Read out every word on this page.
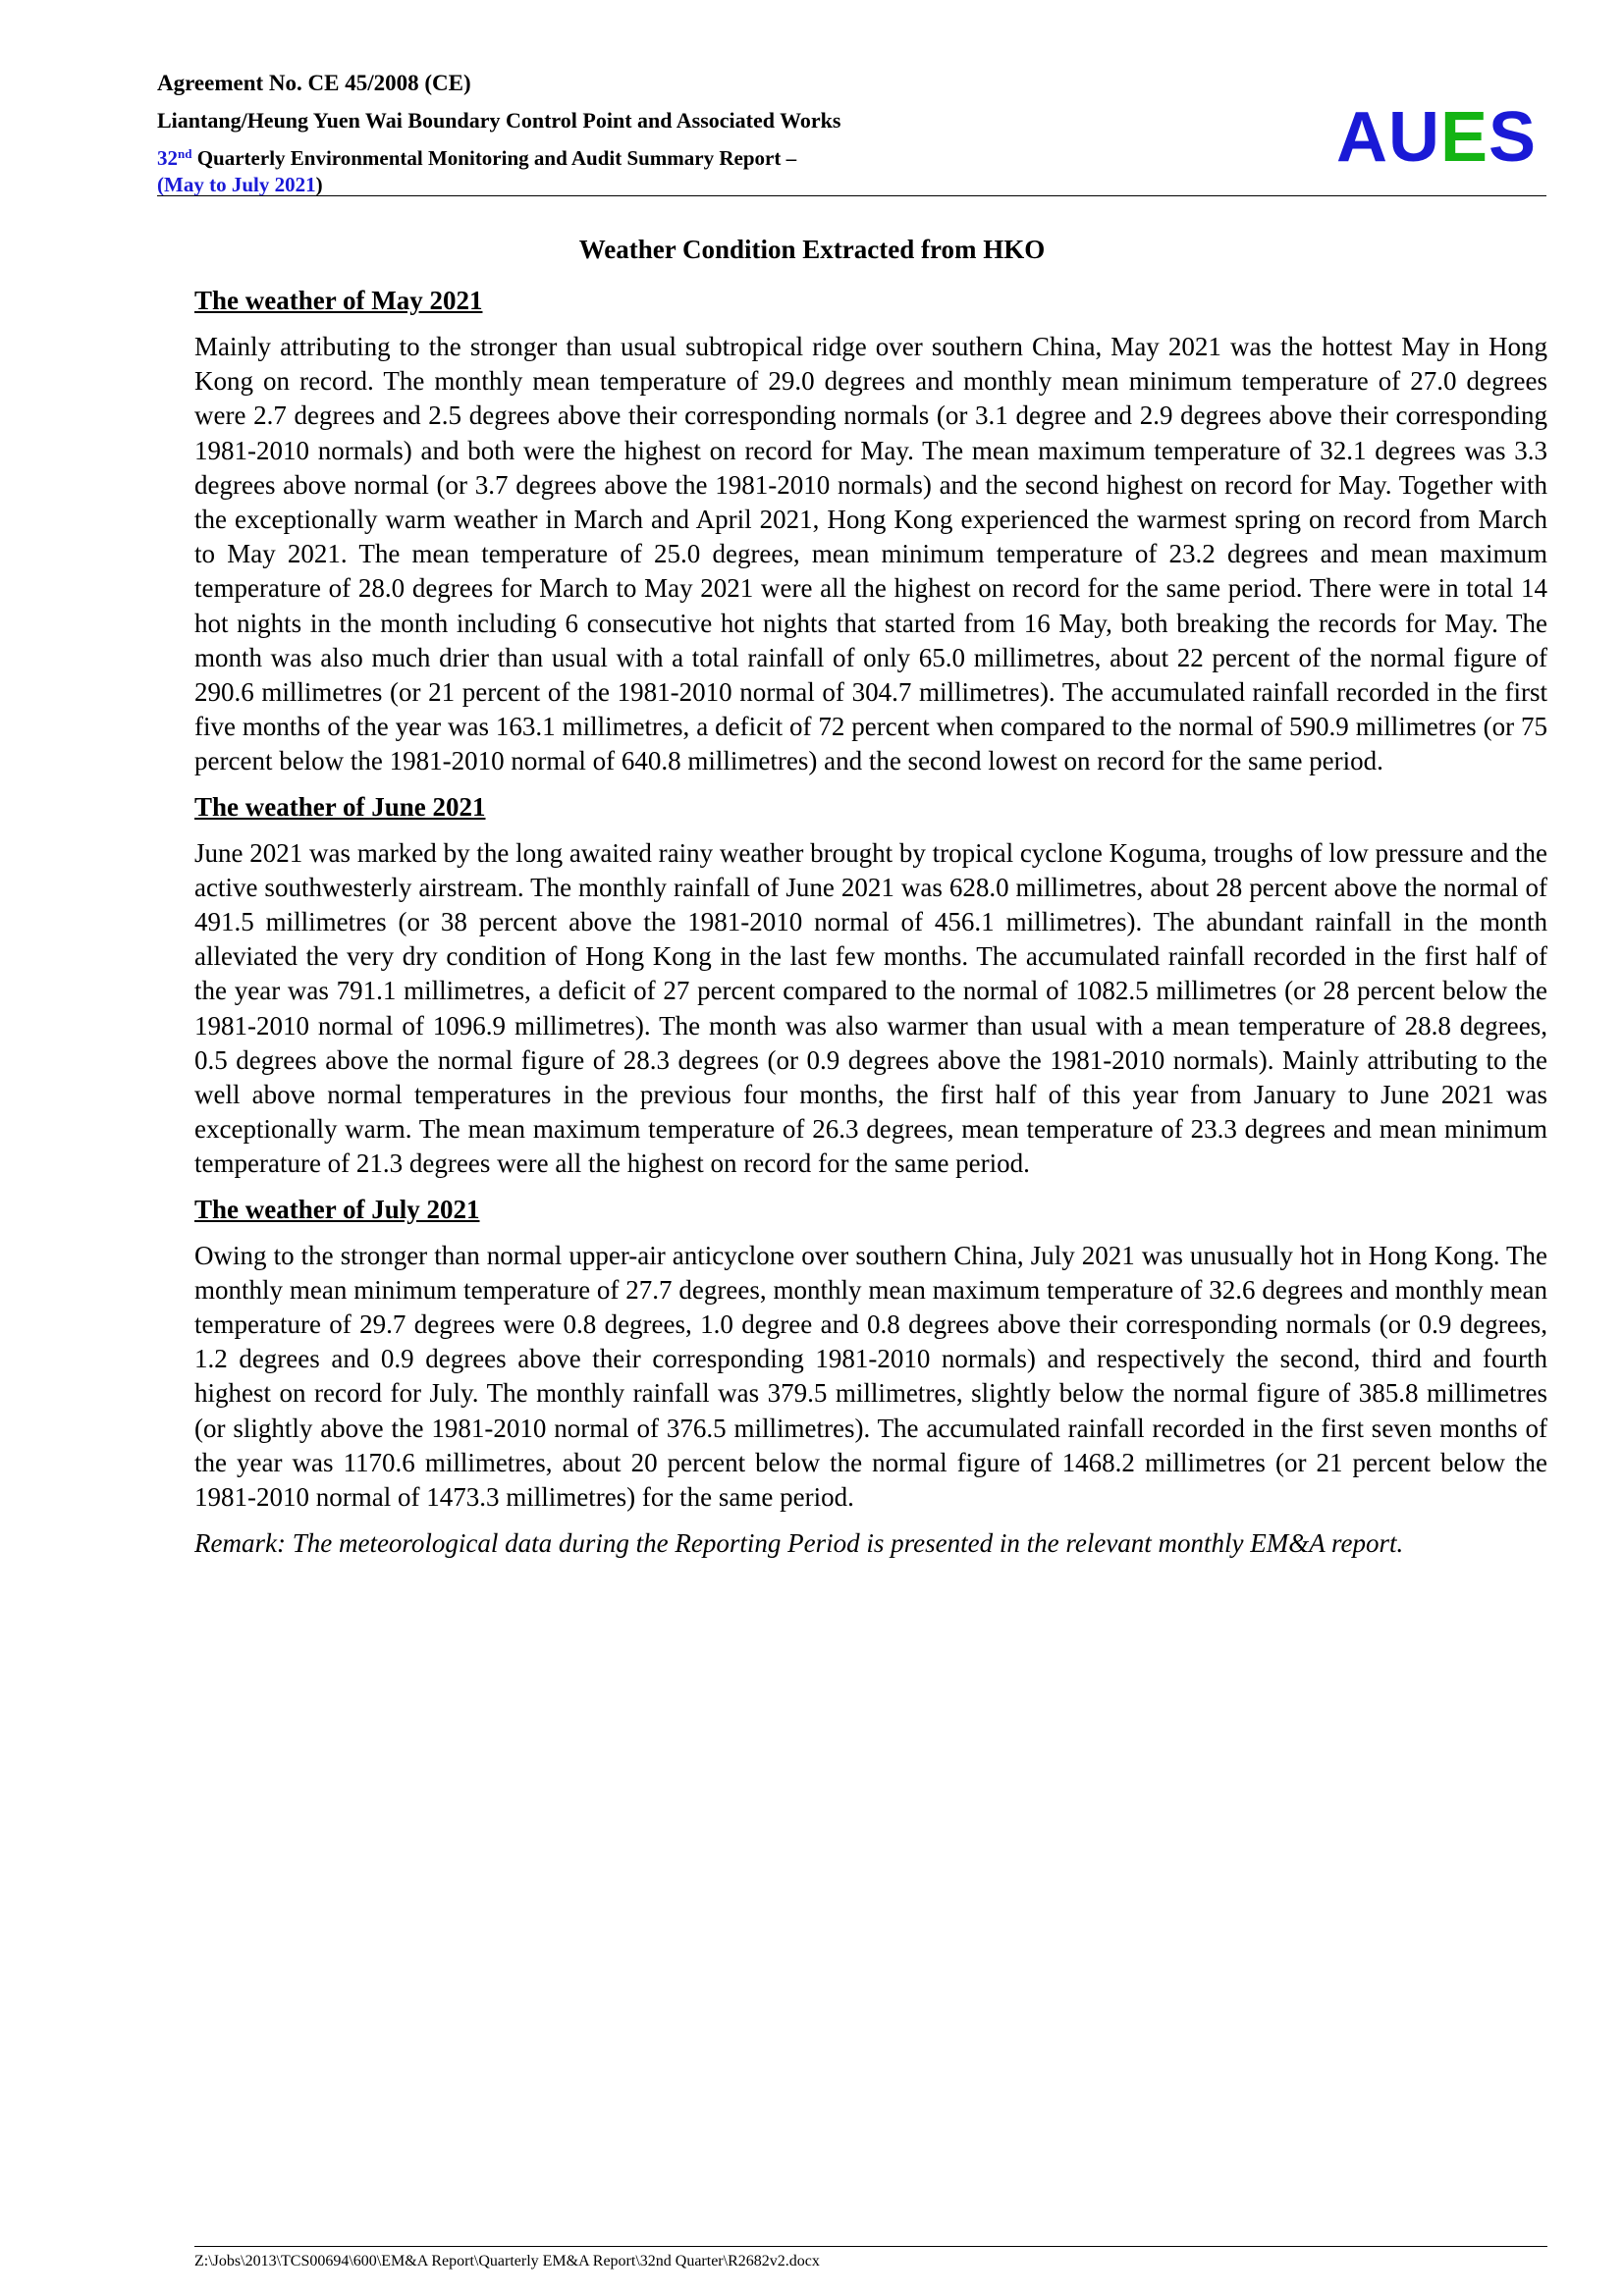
Agreement No. CE 45/2008 (CE)
Liantang/Heung Yuen Wai Boundary Control Point and Associated Works
32nd Quarterly Environmental Monitoring and Audit Summary Report –
(May to July 2021)
AUES
Weather Condition Extracted from HKO
The weather of May 2021

Mainly attributing to the stronger than usual subtropical ridge over southern China, May 2021 was the hottest May in Hong Kong on record. The monthly mean temperature of 29.0 degrees and monthly mean minimum temperature of 27.0 degrees were 2.7 degrees and 2.5 degrees above their corresponding normals (or 3.1 degree and 2.9 degrees above their corresponding 1981-2010 normals) and both were the highest on record for May. The mean maximum temperature of 32.1 degrees was 3.3 degrees above normal (or 3.7 degrees above the 1981-2010 normals) and the second highest on record for May. Together with the exceptionally warm weather in March and April 2021, Hong Kong experienced the warmest spring on record from March to May 2021. The mean temperature of 25.0 degrees, mean minimum temperature of 23.2 degrees and mean maximum temperature of 28.0 degrees for March to May 2021 were all the highest on record for the same period. There were in total 14 hot nights in the month including 6 consecutive hot nights that started from 16 May, both breaking the records for May. The month was also much drier than usual with a total rainfall of only 65.0 millimetres, about 22 percent of the normal figure of 290.6 millimetres (or 21 percent of the 1981-2010 normal of 304.7 millimetres). The accumulated rainfall recorded in the first five months of the year was 163.1 millimetres, a deficit of 72 percent when compared to the normal of 590.9 millimetres (or 75 percent below the 1981-2010 normal of 640.8 millimetres) and the second lowest on record for the same period.

The weather of June 2021

June 2021 was marked by the long awaited rainy weather brought by tropical cyclone Koguma, troughs of low pressure and the active southwesterly airstream. The monthly rainfall of June 2021 was 628.0 millimetres, about 28 percent above the normal of 491.5 millimetres (or 38 percent above the 1981-2010 normal of 456.1 millimetres). The abundant rainfall in the month alleviated the very dry condition of Hong Kong in the last few months. The accumulated rainfall recorded in the first half of the year was 791.1 millimetres, a deficit of 27 percent compared to the normal of 1082.5 millimetres (or 28 percent below the 1981-2010 normal of 1096.9 millimetres). The month was also warmer than usual with a mean temperature of 28.8 degrees, 0.5 degrees above the normal figure of 28.3 degrees (or 0.9 degrees above the 1981-2010 normals). Mainly attributing to the well above normal temperatures in the previous four months, the first half of this year from January to June 2021 was exceptionally warm. The mean maximum temperature of 26.3 degrees, mean temperature of 23.3 degrees and mean minimum temperature of 21.3 degrees were all the highest on record for the same period.

The weather of July 2021

Owing to the stronger than normal upper-air anticyclone over southern China, July 2021 was unusually hot in Hong Kong. The monthly mean minimum temperature of 27.7 degrees, monthly mean maximum temperature of 32.6 degrees and monthly mean temperature of 29.7 degrees were 0.8 degrees, 1.0 degree and 0.8 degrees above their corresponding normals (or 0.9 degrees, 1.2 degrees and 0.9 degrees above their corresponding 1981-2010 normals) and respectively the second, third and fourth highest on record for July. The monthly rainfall was 379.5 millimetres, slightly below the normal figure of 385.8 millimetres (or slightly above the 1981-2010 normal of 376.5 millimetres). The accumulated rainfall recorded in the first seven months of the year was 1170.6 millimetres, about 20 percent below the normal figure of 1468.2 millimetres (or 21 percent below the 1981-2010 normal of 1473.3 millimetres) for the same period.

Remark: The meteorological data during the Reporting Period is presented in the relevant monthly EM&A report.

Z:\Jobs\2013\TCS00694\600\EM&A Report\Quarterly EM&A Report\32nd Quarter\R2682v2.docx
